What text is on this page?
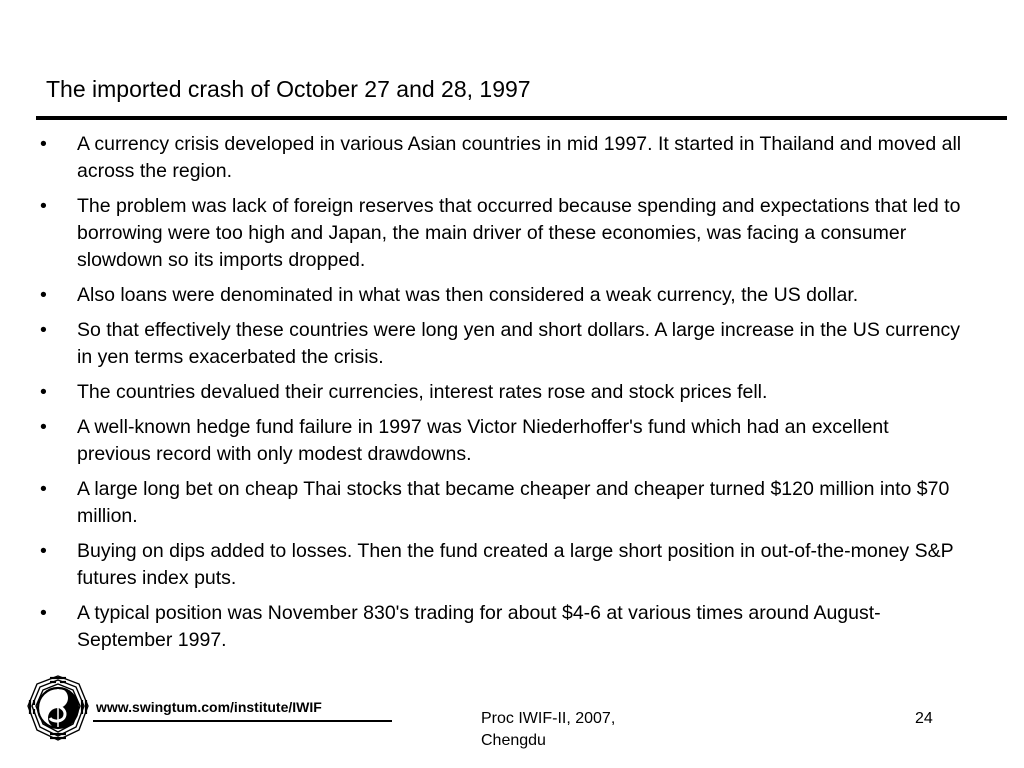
The imported crash of October 27 and 28, 1997
•	A currency crisis developed in various Asian countries in mid 1997. It started in Thailand and moved all across the region.
•	The problem was lack of foreign reserves that occurred because spending and expectations that led to borrowing were too high and Japan, the main driver of these economies, was facing a consumer slowdown so its imports dropped.
•	Also loans were denominated in what was then considered a weak currency, the US dollar.
•	So that effectively these countries were long yen and short dollars. A large increase in the US currency in yen terms exacerbated the crisis.
•	The countries devalued their currencies, interest rates rose and stock prices fell.
•	A well-known hedge fund failure in 1997 was Victor Niederhoffer's fund which had an excellent previous record with only modest drawdowns.
•	A large long bet on cheap Thai stocks that became cheaper and cheaper turned $120 million into $70 million.
•	Buying on dips added to losses. Then the fund created a large short position in out-of-the-money S&P futures index puts.
•	A typical position was November 830's trading for about $4-6 at various times around August-September 1997.
www.swingtum.com/institute/IWIF
Proc IWIF-II, 2007, Chengdu
24
